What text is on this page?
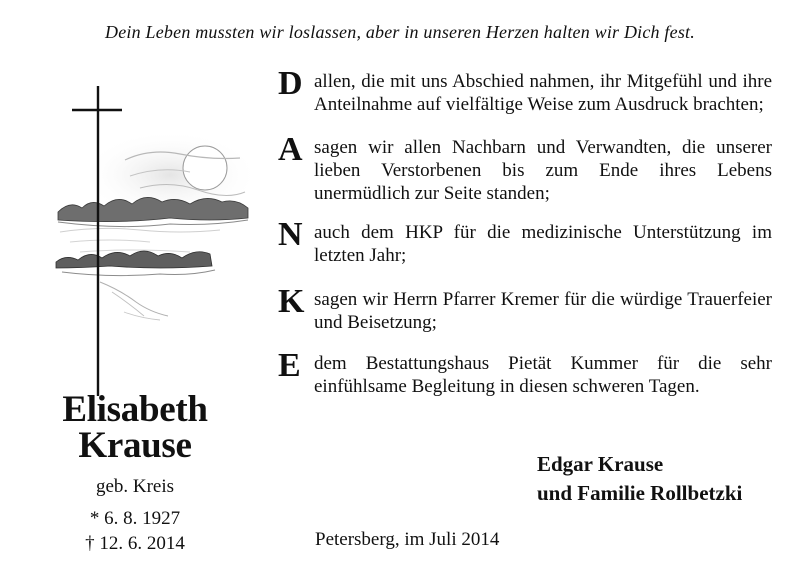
Dein Leben mussten wir loslassen, aber in unseren Herzen halten wir Dich fest.
Elisabeth
Krause
geb. Kreis
* 6. 8. 1927
† 12. 6. 2014
D allen, die mit uns Abschied nahmen, ihr Mitgefühl und ihre Anteilnahme auf vielfältige Weise zum Ausdruck brachten;
A sagen wir allen Nachbarn und Verwandten, die unserer lieben Verstorbenen bis zum Ende ihres Lebens unermüdlich zur Seite standen;
N auch dem HKP für die medizinische Unterstützung im letzten Jahr;
K sagen wir Herrn Pfarrer Kremer für die würdige Trauerfeier und Beisetzung;
E dem Bestattungshaus Pietät Kummer für die sehr einfühlsame Begleitung in diesen schweren Tagen.
Edgar Krause
und Familie Rollbetzki
Petersberg, im Juli 2014
